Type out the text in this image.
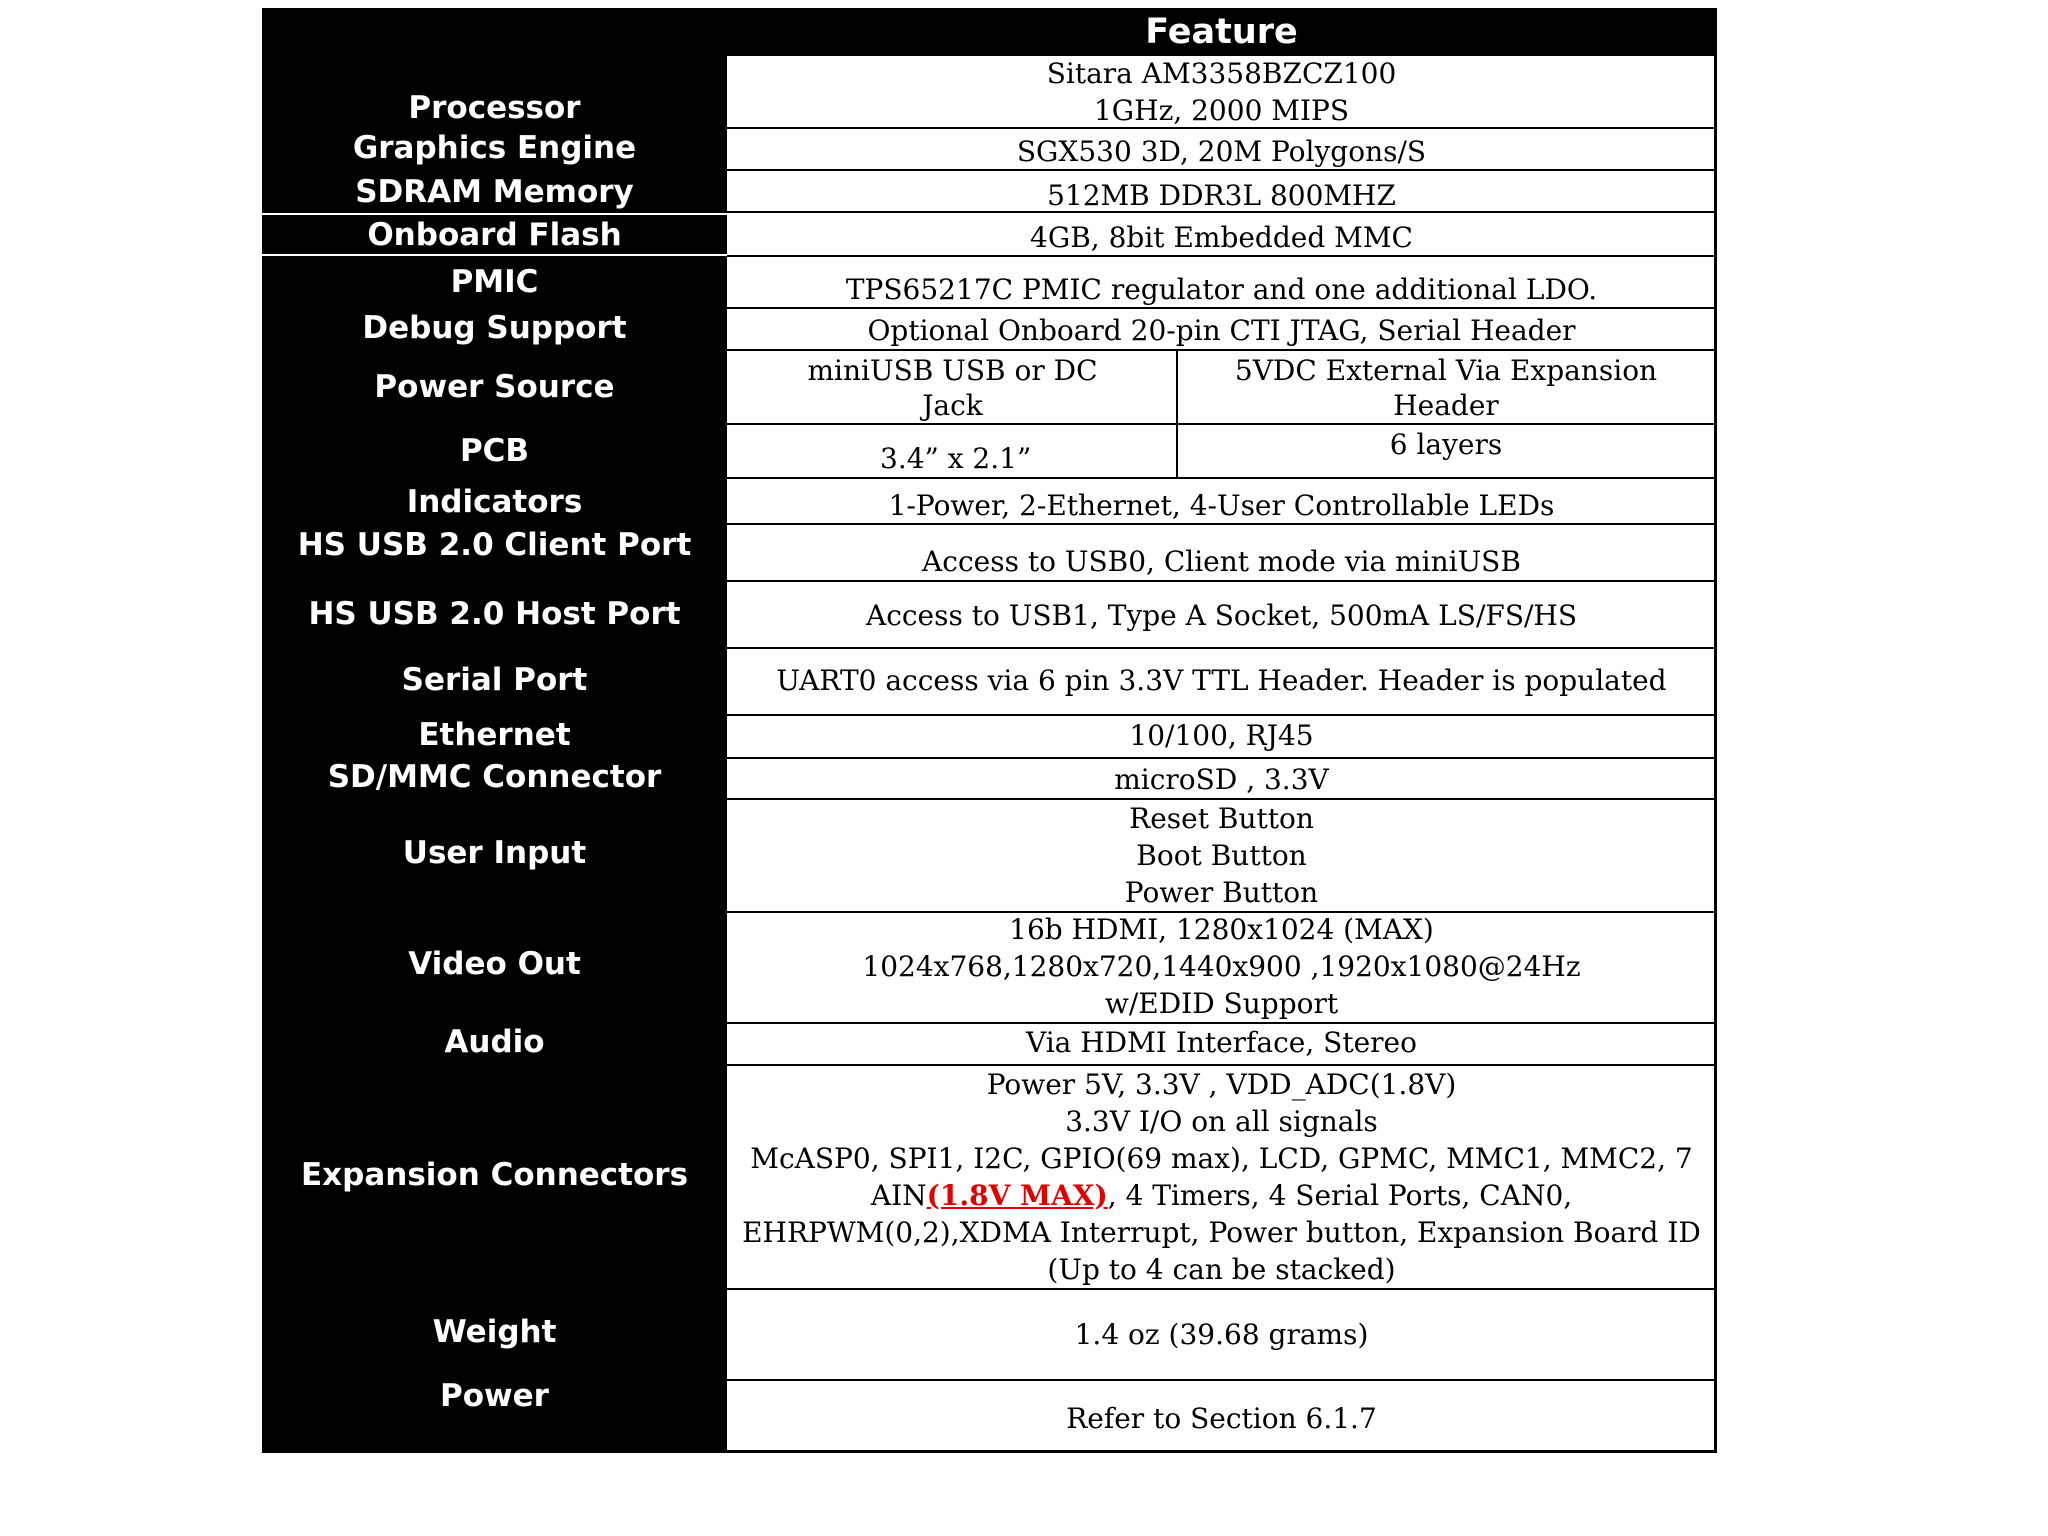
Feature
Processor
Graphics Engine
SDRAM Memory
Onboard Flash
PMIC
Debug Support
Power Source
PCB
Indicators
HS USB 2.0 Client Port
HS USB 2.0 Host Port
Serial Port
Ethernet
SD/MMC Connector
User Input
Video Out
Audio
Expansion Connectors
Weight
Power
Sitara AM3358BZCZ100
1GHz, 2000 MIPS
SGX530 3D, 20M Polygons/S
512MB DDR3L 800MHZ
4GB, 8bit Embedded MMC
TPS65217C PMIC regulator and one additional LDO.
Optional Onboard 20-pin CTI JTAG, Serial Header
miniUSB USB or DC
Jack
5VDC External Via Expansion
Header
3.4” x 2.1”	6 layers
1-Power, 2-Ethernet, 4-User Controllable LEDs
Access to USB0, Client mode via miniUSB
Access to USB1, Type A Socket, 500mA LS/FS/HS
UART0 access via 6 pin 3.3V TTL Header. Header is populated
10/100, RJ45
microSD , 3.3V
Reset Button
Boot Button
Power Button
16b HDMI, 1280x1024 (MAX)
1024x768,1280x720,1440x900 ,1920x1080@24Hz
w/EDID Support
Via HDMI Interface, Stereo
Power 5V, 3.3V , VDD_ADC(1.8V)
3.3V I/O on all signals
McASP0, SPI1, I2C, GPIO(69 max), LCD, GPMC, MMC1, MMC2, 7
AIN(1.8V MAX), 4 Timers, 4 Serial Ports, CAN0,
EHRPWM(0,2),XDMA Interrupt, Power button, Expansion Board ID
(Up to 4 can be stacked)
1.4 oz (39.68 grams)
Refer to Section 6.1.7
